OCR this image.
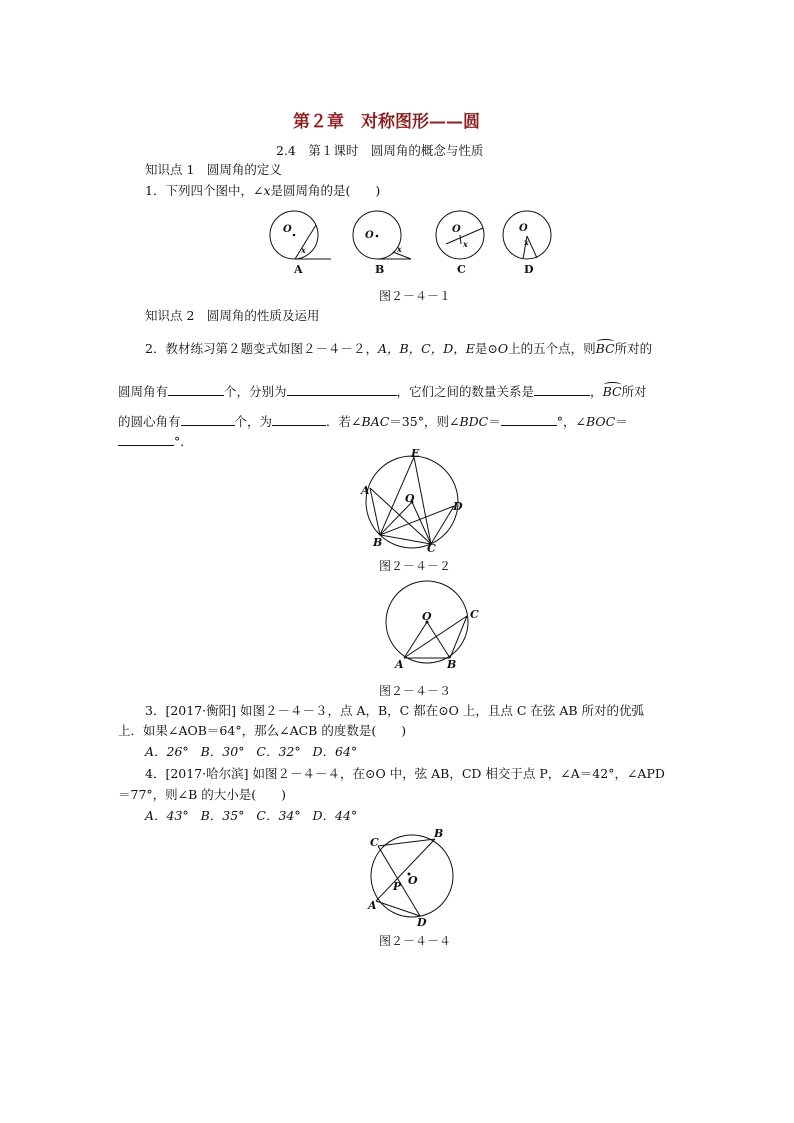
第２章　对称图形——圆
2.4　第１课时　圆周角的概念与性质
知识点 1　圆周角的定义
1．下列四个图中，∠x是圆周角的是(　　)
O
x
O
x
O
x
O
x
A	B	C	D
图２－４－１
知识点 2　圆周角的性质及运用
2．教材练习第２题变式如图２－４－２，A，B，C，D，E是⊙O上的五个点，则BC所对的
圆周角有	个，分别为	，它们之间的数量关系是	，BC所对
的圆心角有	个，为	．若∠BAC＝35°，则∠BDC＝	°，∠BOC＝
°．
E
A
D
O
B	C
图２－４－２
O	C
A	B
图２－４－３
3．[2017·衡阳] 如图２－４－３，点 A，B，C 都在⊙O 上，且点 C 在弦 AB 所对的优弧
上．如果∠AOB＝64°，那么∠ACB 的度数是(　　)
A．26° B．30° C．32° D．64°
4．[2017·哈尔滨] 如图２－４－４，在⊙O 中，弦 AB，CD 相交于点 P，∠A＝42°，∠APD
＝77°，则∠B 的大小是(　　)
A．43° B．35° C．34° D．44°
C
B
P O
A
D
图２－４－４
